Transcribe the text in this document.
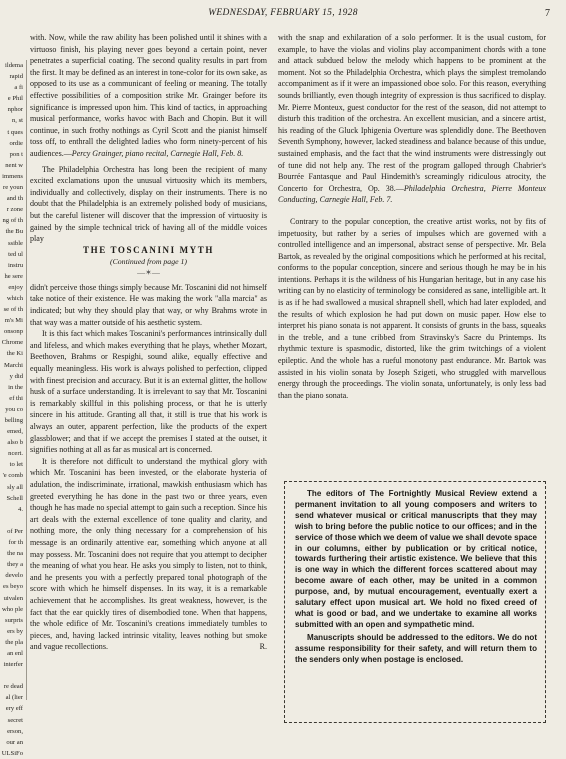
WEDNESDAY, FEBRUARY 15, 1928	7

ildema

rapid

a fi

e Phil

nphor

n, st

t ques

ordie

pon t

nent w

immens

re youn

and th

r zone

ng of th

the Bu

ssible

ted ul

instru

he sere

enjoy

which

se of th

m's Mi

onsonp

Chrome

the Ki

Marchi

y did

in the

ef thi

you co

belling

emed,

also b

ncert.

to let

'e comb

sly all

Schell

4.

of Per

for th

the na

they a

develo

es beyo

uivalen

who ple

surpris

ers by

the pla

an enl

interfer

re dead

al (lier

ery eff

secret

erson,

our an

ULSiFo

with. Now, while the raw ability has been polished until it shines with a virtuoso finish, his playing never goes beyond a certain point, never penetrates a superficial coating. The second quality results in part from the first. It may be defined as an interest in tone-color for its own sake, as opposed to its use as a communicant of feeling or meaning. The totally effective possibilities of a composition strike Mr. Grainger before its significance is impressed upon him. This kind of tactics, in approaching musical performance, works havoc with Bach and Chopin. But it will continue, in such frothy nothings as Cyril Scott and the pianist himself toss off, to enthrall the delighted ladies who form ninety-percent of his audiences.—Percy Grainger, piano recital, Carnegie Hall, Feb. 8.

The Philadelphia Orchestra has long been the recipient of many excited exclamations upon the unusual virtuosity which its members, individually and collectively, display on their instruments. There is no doubt that the Philadelphia is an extremely polished body of musicians, but the careful listener will discover that the impression of virtuosity is gained by the simple technical trick of having all of the middle voices play

THE TOSCANINI MYTH

(Continued from page 1)

—✶—

didn't perceive those things simply because Mr. Toscanini did not himself take notice of their existence. He was making the work "alla marcia" as indicated; but why they should play that way, or why Brahms wrote in that way was a matter outside of his aesthetic system.

It is this fact which makes Toscanini's performances intrinsically dull and lifeless, and which makes everything that he plays, whether Mozart, Beethoven, Brahms or Respighi, sound alike, equally effective and equally meaningless. His work is always polished to perfection, clipped with finest precision and accuracy. But it is an external glitter, the hollow husk of a surface understanding. It is irrelevant to say that Mr. Toscanini is remarkably skillful in this polishing process, or that he is utterly sincere in his attitude. Granting all that, it still is true that his work is always an outer, apparent perfection, like the products of the expert glassblower; and that if we accept the premises I stated at the outset, it signifies nothing at all as far as musical art is concerned.

It is therefore not difficult to understand the mythical glory with which Mr. Toscanini has been invested, or the elaborate hysteria of adulation, the indiscriminate, irrational, mawkish enthusiasm which has greeted everything he has done in the past two or three years, even though he has made no special attempt to gain such a reception. Since his art deals with the external excellence of tone quality and clarity, and nothing more, the only thing necessary for a comprehension of his message is an ordinarily attentive ear, something which anyone at all may possess. Mr. Toscanini does not require that you attempt to decipher the meaning of what you hear. He asks you simply to listen, not to think, and he presents you with a perfectly prepared tonal photograph of the score with which he himself dispenses. In its way, it is a remarkable achievement that he accomplishes. Its great weakness, however, is the fact that the ear quickly tires of disembodied tone. When that happens, the whole edifice of Mr. Toscanini's creations immediately tumbles to pieces, and, having lacked intrinsic vitality, leaves nothing but smoke and vague recollections.	R.

with the snap and exhilaration of a solo performer. It is the usual custom, for example, to have the violas and violins play accompaniment chords with a tone and attack subdued below the melody which happens to be prominent at the moment. Not so the Philadelphia Orchestra, which plays the simplest tremolando accompaniment as if it were an impassioned oboe solo. For this reason, everything sounds brilliantly, even though integrity of expression is thus sacrificed to display. Mr. Pierre Monteux, guest conductor for the rest of the season, did not attempt to disturb this tradition of the orchestra. An excellent musician, and a sincere artist, his reading of the Gluck Iphigenia Overture was splendidly done. The Beethoven Seventh Symphony, however, lacked steadiness and balance because of this undue, sustained emphasis, and the fact that the wind instruments were distressingly out of tune did not help any. The rest of the program galloped through Chabrier's Bourrée Fantasque and Paul Hindemith's screamingly ridiculous atrocity, the Concerto for Orchestra, Op. 38.—Philadelphia Orchestra, Pierre Monteux Conducting, Carnegie Hall, Feb. 7.

Contrary to the popular conception, the creative artist works, not by fits of impetuosity, but rather by a series of impulses which are governed with a controlled intelligence and an impersonal, abstract sense of perspective. Mr. Bela Bartok, as revealed by the original compositions which he performed at his recital, conforms to the popular conception, sincere and serious though he may be in his intentions. Perhaps it is the wildness of his Hungarian heritage, but in any case his writing can by no elasticity of terminology be considered as sane, intelligible art. It is as if he had swallowed a musical shrapnell shell, which had later exploded, and the results of which explosion he had put down on music paper. How else to interpret his piano sonata is not apparent. It consists of grunts in the bass, squeaks in the treble, and a tune cribbed from Stravinsky's Sacre du Printemps. Its rhythmic texture is spasmodic, distorted, like the grim twitchings of a violent epileptic. And the whole has a rueful monotony past endurance. Mr. Bartok was assisted in his violin sonata by Joseph Szigeti, who struggled with marvellous energy through the proceedings. The violin sonata, unfortunately, is only less bad than the piano sonata.

The editors of The Fortnightly Musical Review extend a permanent invitation to all young composers and writers to send whatever musical or critical manuscripts that they may wish to bring before the public notice to our offices; and in the service of those which we deem of value we shall devote space in our columns, either by publication or by critical notice, towards furthering their artistic existence. We believe that this is one way in which the different forces scattered about may become aware of each other, may be united in a common purpose, and, by mutual encouragement, eventually exert a salutary effect upon musical art. We hold no fixed creed of what is good or bad, and we undertake to examine all works submitted with an open and sympathetic mind.

Manuscripts should be addressed to the editors. We do not assume responsibility for their safety, and will return them to the senders only when postage is enclosed.
